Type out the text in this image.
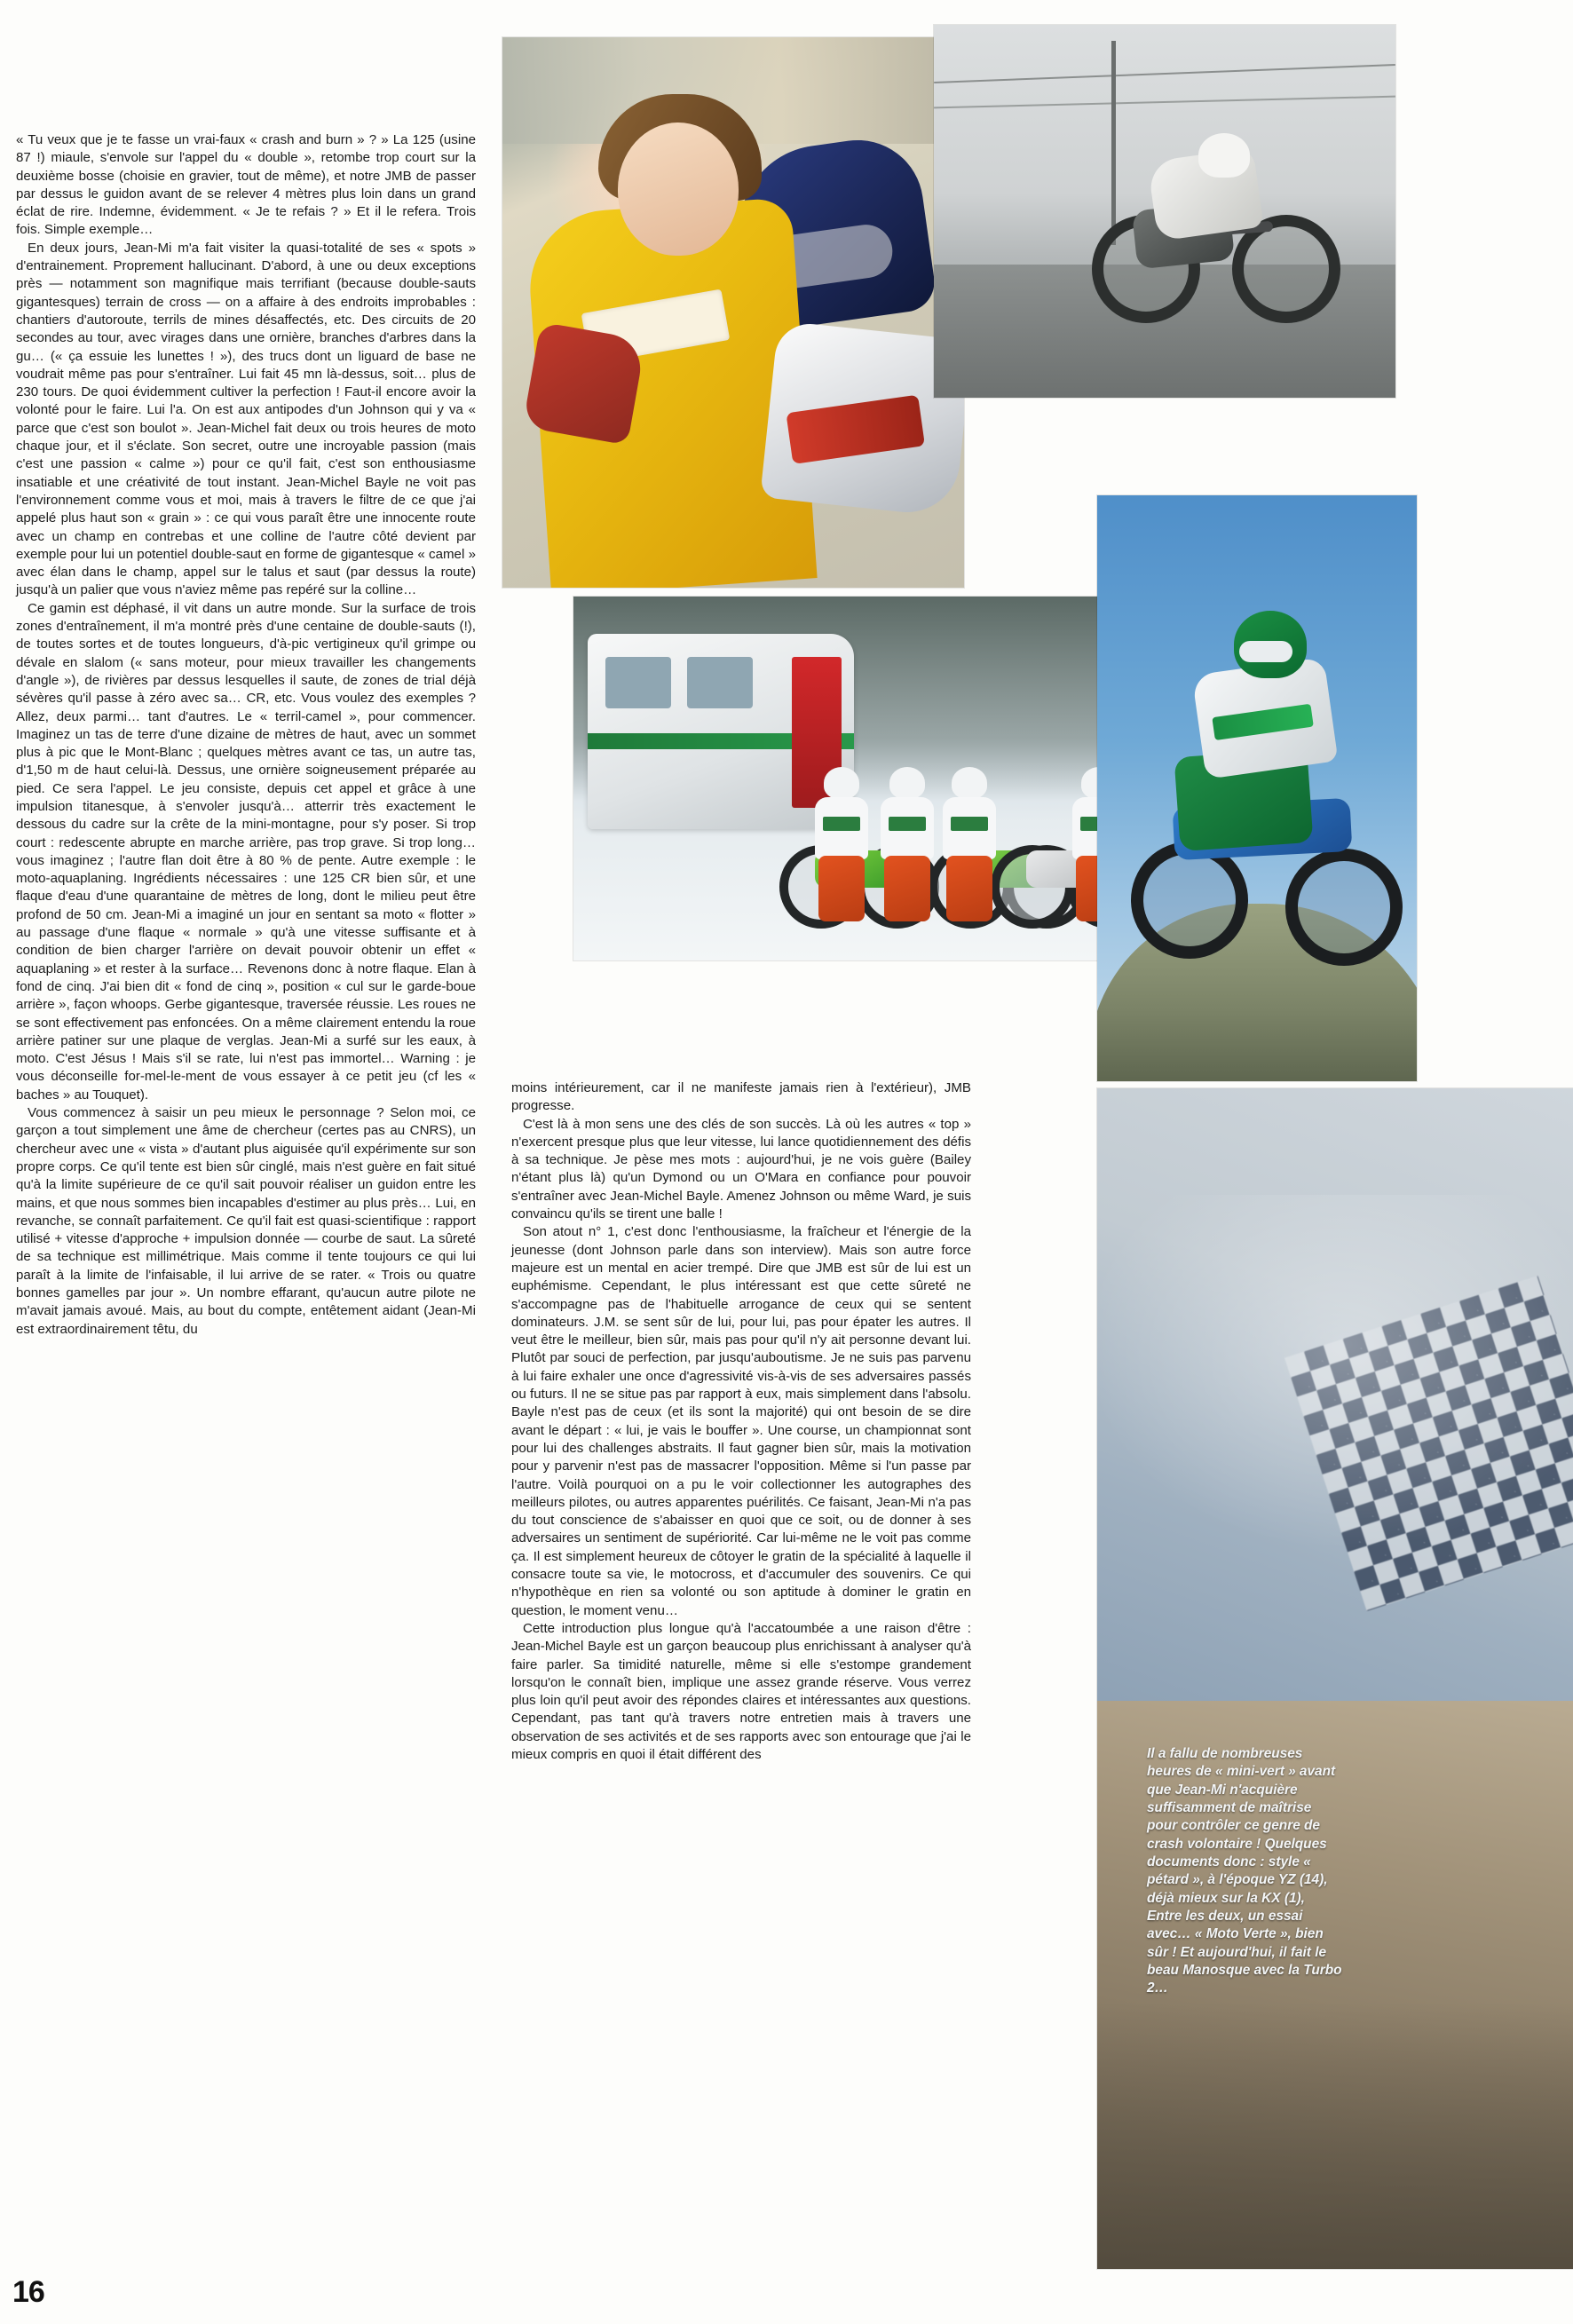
Il a fallu de nombreuses heures de « mini-vert » avant que Jean-Mi n'acquière suffisamment de maîtrise pour contrôler ce genre de crash volontaire ! Quelques documents donc : style « pétard », à l'époque YZ (14), déjà mieux sur la KX (1), Entre les deux, un essai avec… « Moto Verte », bien sûr ! Et aujourd'hui, il fait le beau Manosque avec la Turbo 2…

« Tu veux que je te fasse un vrai-faux « crash and burn » ? » La 125 (usine 87 !) miaule, s'envole sur l'appel du « double », retombe trop court sur la deuxième bosse (choisie en gravier, tout de même), et notre JMB de passer par dessus le guidon avant de se relever 4 mètres plus loin dans un grand éclat de rire. Indemne, évidemment. « Je te refais ? » Et il le refera. Trois fois. Simple exemple…

En deux jours, Jean-Mi m'a fait visiter la quasi-totalité de ses « spots » d'entrainement. Proprement hallucinant. D'abord, à une ou deux exceptions près — notamment son magnifique mais terrifiant (because double-sauts gigantesques) terrain de cross — on a affaire à des endroits improbables : chantiers d'autoroute, terrils de mines désaffectés, etc. Des circuits de 20 secondes au tour, avec virages dans une ornière, branches d'arbres dans la gu… (« ça essuie les lunettes ! »), des trucs dont un liguard de base ne voudrait même pas pour s'entraîner. Lui fait 45 mn là-dessus, soit… plus de 230 tours. De quoi évidemment cultiver la perfection ! Faut-il encore avoir la volonté pour le faire. Lui l'a. On est aux antipodes d'un Johnson qui y va « parce que c'est son boulot ». Jean-Michel fait deux ou trois heures de moto chaque jour, et il s'éclate. Son secret, outre une incroyable passion (mais c'est une passion « calme ») pour ce qu'il fait, c'est son enthousiasme insatiable et une créativité de tout instant. Jean-Michel Bayle ne voit pas l'environnement comme vous et moi, mais à travers le filtre de ce que j'ai appelé plus haut son « grain » : ce qui vous paraît être une innocente route avec un champ en contrebas et une colline de l'autre côté devient par exemple pour lui un potentiel double-saut en forme de gigantesque « camel » avec élan dans le champ, appel sur le talus et saut (par dessus la route) jusqu'à un palier que vous n'aviez même pas repéré sur la colline…

Ce gamin est déphasé, il vit dans un autre monde. Sur la surface de trois zones d'entraînement, il m'a montré près d'une centaine de double-sauts (!), de toutes sortes et de toutes longueurs, d'à-pic vertigineux qu'il grimpe ou dévale en slalom (« sans moteur, pour mieux travailler les changements d'angle »), de rivières par dessus lesquelles il saute, de zones de trial déjà sévères qu'il passe à zéro avec sa… CR, etc. Vous voulez des exemples ? Allez, deux parmi… tant d'autres. Le « terril-camel », pour commencer. Imaginez un tas de terre d'une dizaine de mètres de haut, avec un sommet plus à pic que le Mont-Blanc ; quelques mètres avant ce tas, un autre tas, d'1,50 m de haut celui-là. Dessus, une ornière soigneusement préparée au pied. Ce sera l'appel. Le jeu consiste, depuis cet appel et grâce à une impulsion titanesque, à s'envoler jusqu'à… atterrir très exactement le dessous du cadre sur la crête de la mini-montagne, pour s'y poser. Si trop court : redescente abrupte en marche arrière, pas trop grave. Si trop long… vous imaginez ; l'autre flan doit être à 80 % de pente. Autre exemple : le moto-aquaplaning. Ingrédients nécessaires : une 125 CR bien sûr, et une flaque d'eau d'une quarantaine de mètres de long, dont le milieu peut être profond de 50 cm. Jean-Mi a imaginé un jour en sentant sa moto « flotter » au passage d'une flaque « normale » qu'à une vitesse suffisante et à condition de bien charger l'arrière on devait pouvoir obtenir un effet « aquaplaning » et rester à la surface… Revenons donc à notre flaque. Elan à fond de cinq. J'ai bien dit « fond de cinq », position « cul sur le garde-boue arrière », façon whoops. Gerbe gigantesque, traversée réussie. Les roues ne se sont effectivement pas enfoncées. On a même clairement entendu la roue arrière patiner sur une plaque de verglas. Jean-Mi a surfé sur les eaux, à moto. C'est Jésus ! Mais s'il se rate, lui n'est pas immortel… Warning : je vous déconseille for-mel-le-ment de vous essayer à ce petit jeu (cf les « baches » au Touquet).

Vous commencez à saisir un peu mieux le personnage ? Selon moi, ce garçon a tout simplement une âme de chercheur (certes pas au CNRS), un chercheur avec une « vista » d'autant plus aiguisée qu'il expérimente sur son propre corps. Ce qu'il tente est bien sûr cinglé, mais n'est guère en fait situé qu'à la limite supérieure de ce qu'il sait pouvoir réaliser un guidon entre les mains, et que nous sommes bien incapables d'estimer au plus près… Lui, en revanche, se connaît parfaitement. Ce qu'il fait est quasi-scientifique : rapport utilisé + vitesse d'approche + impulsion donnée — courbe de saut. La sûreté de sa technique est millimétrique. Mais comme il tente toujours ce qui lui paraît à la limite de l'infaisable, il lui arrive de se rater. « Trois ou quatre bonnes gamelles par jour ». Un nombre effarant, qu'aucun autre pilote ne m'avait jamais avoué. Mais, au bout du compte, entêtement aidant (Jean-Mi est extraordinairement têtu, du

moins intérieurement, car il ne manifeste jamais rien à l'extérieur), JMB progresse.

C'est là à mon sens une des clés de son succès. Là où les autres « top » n'exercent presque plus que leur vitesse, lui lance quotidiennement des défis à sa technique. Je pèse mes mots : aujourd'hui, je ne vois guère (Bailey n'étant plus là) qu'un Dymond ou un O'Mara en confiance pour pouvoir s'entraîner avec Jean-Michel Bayle. Amenez Johnson ou même Ward, je suis convaincu qu'ils se tirent une balle !

Son atout n° 1, c'est donc l'enthousiasme, la fraîcheur et l'énergie de la jeunesse (dont Johnson parle dans son interview). Mais son autre force majeure est un mental en acier trempé. Dire que JMB est sûr de lui est un euphémisme. Cependant, le plus intéressant est que cette sûreté ne s'accompagne pas de l'habituelle arrogance de ceux qui se sentent dominateurs. J.M. se sent sûr de lui, pour lui, pas pour épater les autres. Il veut être le meilleur, bien sûr, mais pas pour qu'il n'y ait personne devant lui. Plutôt par souci de perfection, par jusqu'auboutisme. Je ne suis pas parvenu à lui faire exhaler une once d'agressivité vis-à-vis de ses adversaires passés ou futurs. Il ne se situe pas par rapport à eux, mais simplement dans l'absolu. Bayle n'est pas de ceux (et ils sont la majorité) qui ont besoin de se dire avant le départ : « lui, je vais le bouffer ». Une course, un championnat sont pour lui des challenges abstraits. Il faut gagner bien sûr, mais la motivation pour y parvenir n'est pas de massacrer l'opposition. Même si l'un passe par l'autre. Voilà pourquoi on a pu le voir collectionner les autographes des meilleurs pilotes, ou autres apparentes puérilités. Ce faisant, Jean-Mi n'a pas du tout conscience de s'abaisser en quoi que ce soit, ou de donner à ses adversaires un sentiment de supériorité. Car lui-même ne le voit pas comme ça. Il est simplement heureux de côtoyer le gratin de la spécialité à laquelle il consacre toute sa vie, le motocross, et d'accumuler des souvenirs. Ce qui n'hypothèque en rien sa volonté ou son aptitude à dominer le gratin en question, le moment venu…

Cette introduction plus longue qu'à l'accatoumbée a une raison d'être : Jean-Michel Bayle est un garçon beaucoup plus enrichissant à analyser qu'à faire parler. Sa timidité naturelle, même si elle s'estompe grandement lorsqu'on le connaît bien, implique une assez grande réserve. Vous verrez plus loin qu'il peut avoir des répondes claires et intéressantes aux questions. Cependant, pas tant qu'à travers notre entretien mais à travers une observation de ses activités et de ses rapports avec son entourage que j'ai le mieux compris en quoi il était différent des

16
